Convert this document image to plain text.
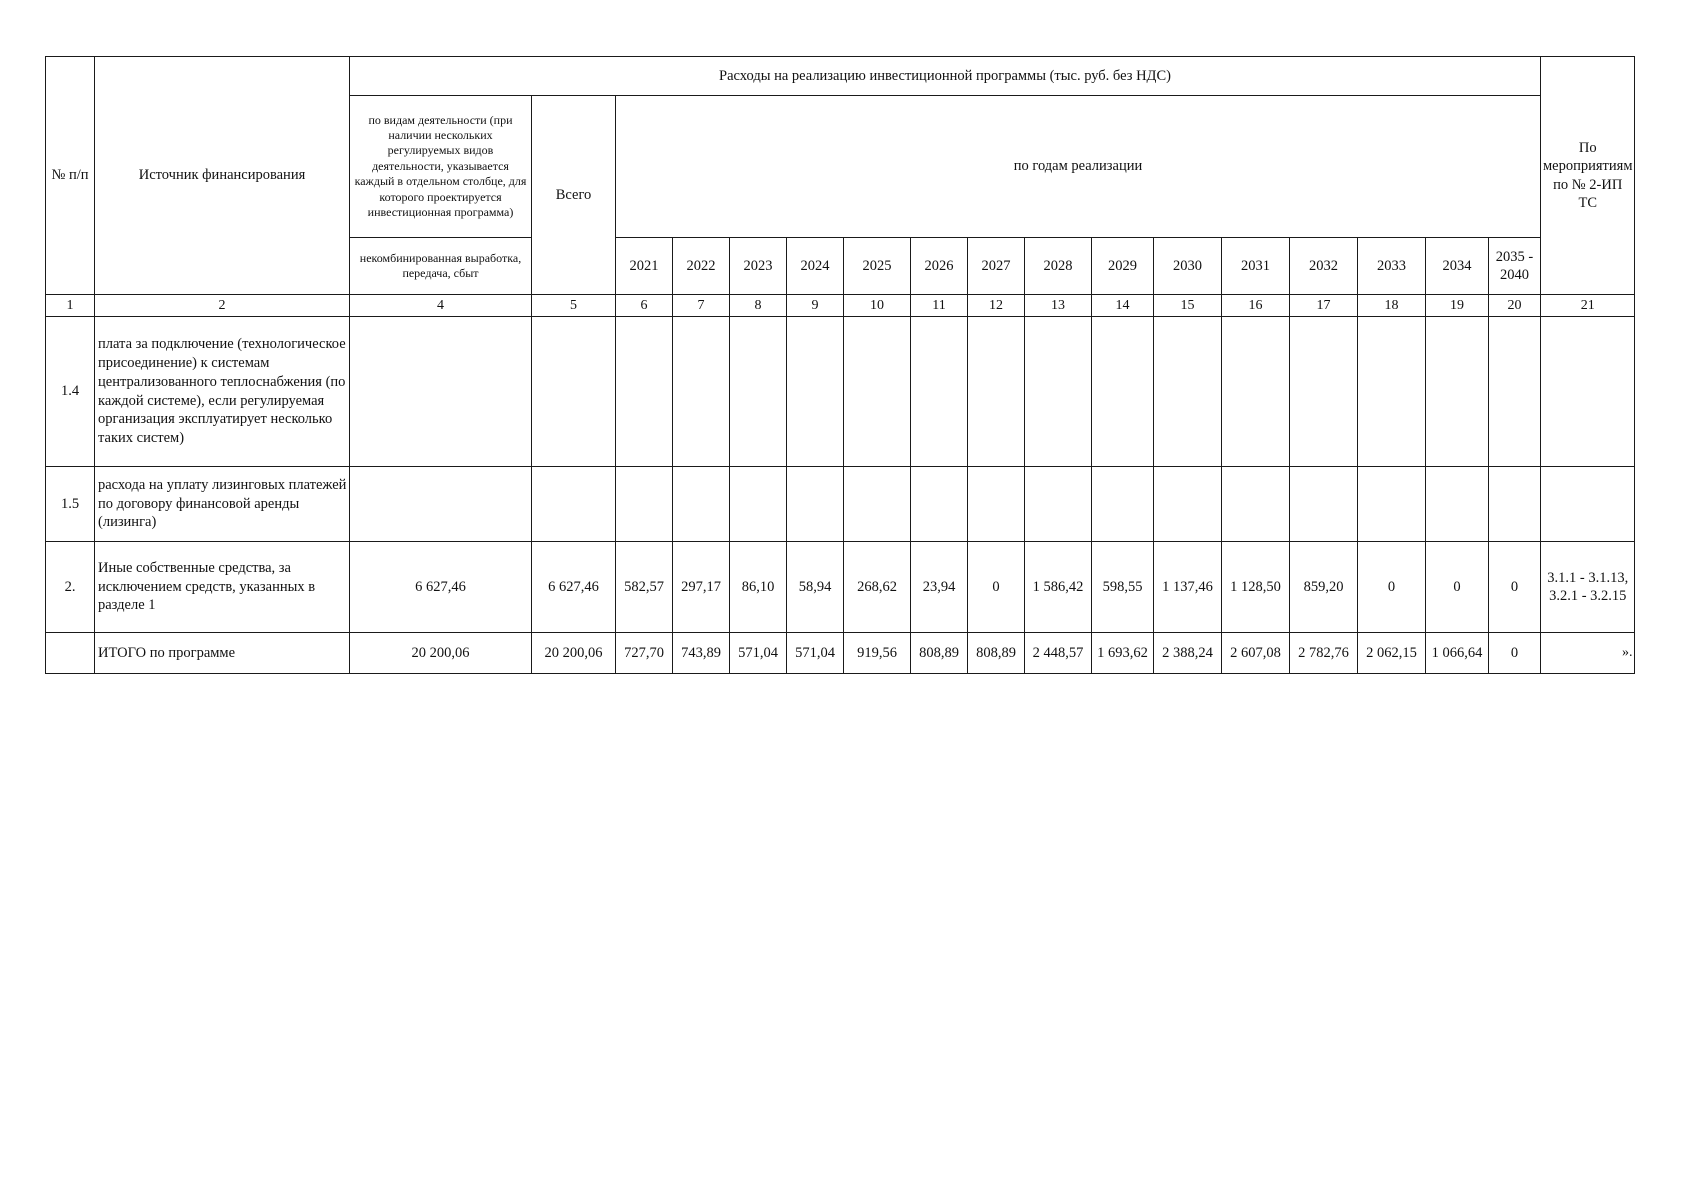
№ п/п	Источник финансирования	Расходы на реализацию инвестиционной программы (тыс. руб. без НДС)																	По мероприятиям по № 2-ИП ТС
		по видам деятельности (при наличии нескольких регулируемых видов деятельности, указывается каждый в отдельном столбце, для которого проектируется инвестиционная программа)	Всего	по годам реализации															
		некомбинированная выработка, передача, сбыт		2021	2022	2023	2024	2025	2026	2027	2028	2029	2030	2031	2032	2033	2034	2035 - 2040	
1	2	4	5	6	7	8	9	10	11	12	13	14	15	16	17	18	19	20	21
1.4	плата за подключение (технологическое присоединение) к системам централизованного теплоснабжения (по каждой системе), если регулируемая организация эксплуатирует несколько таких систем)																		
1.5	расхода на уплату лизинговых платежей по договору финансовой аренды (лизинга)																		
2.	Иные собственные средства, за исключением средств, указанных в разделе 1	6 627,46	6 627,46	582,57	297,17	86,10	58,94	268,62	23,94	0	1 586,42	598,55	1 137,46	1 128,50	859,20	0	0	0	3.1.1 - 3.1.13, 3.2.1 - 3.2.15
	ИТОГО по программе	20 200,06	20 200,06	727,70	743,89	571,04	571,04	919,56	808,89	808,89	2 448,57	1 693,62	2 388,24	2 607,08	2 782,76	2 062,15	1 066,64	0		».
